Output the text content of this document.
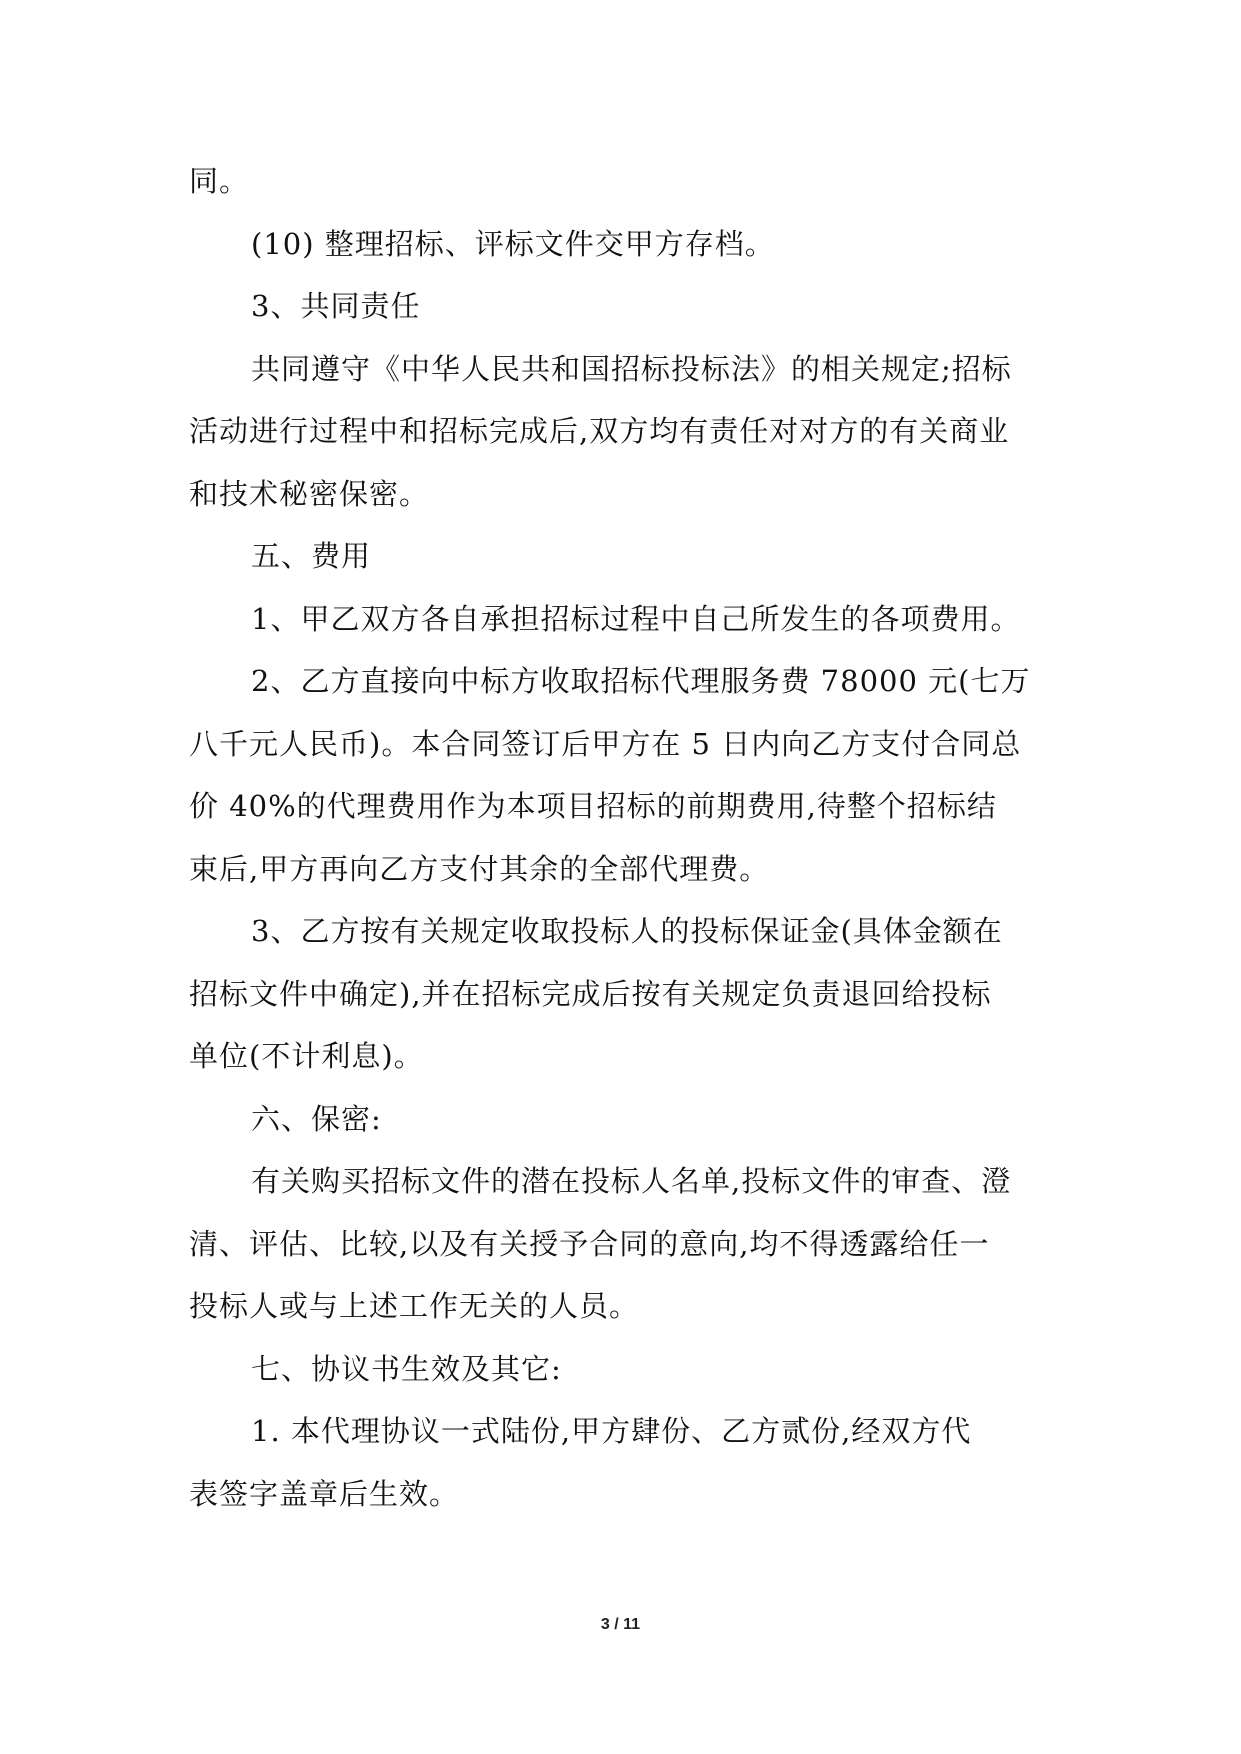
同。

(10) 整理招标、评标文件交甲方存档。

3、共同责任

共同遵守《中华人民共和国招标投标法》的相关规定;招标
活动进行过程中和招标完成后,双方均有责任对对方的有关商业
和技术秘密保密。

五、费用

1、甲乙双方各自承担招标过程中自己所发生的各项费用。

2、乙方直接向中标方收取招标代理服务费 78000 元(七万
八千元人民币)。本合同签订后甲方在 5 日内向乙方支付合同总
价 40%的代理费用作为本项目招标的前期费用,待整个招标结
束后,甲方再向乙方支付其余的全部代理费。

3、乙方按有关规定收取投标人的投标保证金(具体金额在
招标文件中确定),并在招标完成后按有关规定负责退回给投标
单位(不计利息)。

六、保密:

有关购买招标文件的潜在投标人名单,投标文件的审查、澄
清、评估、比较,以及有关授予合同的意向,均不得透露给任一
投标人或与上述工作无关的人员。

七、协议书生效及其它:

1. 本代理协议一式陆份,甲方肆份、乙方贰份,经双方代
表签字盖章后生效。

3 / 11
